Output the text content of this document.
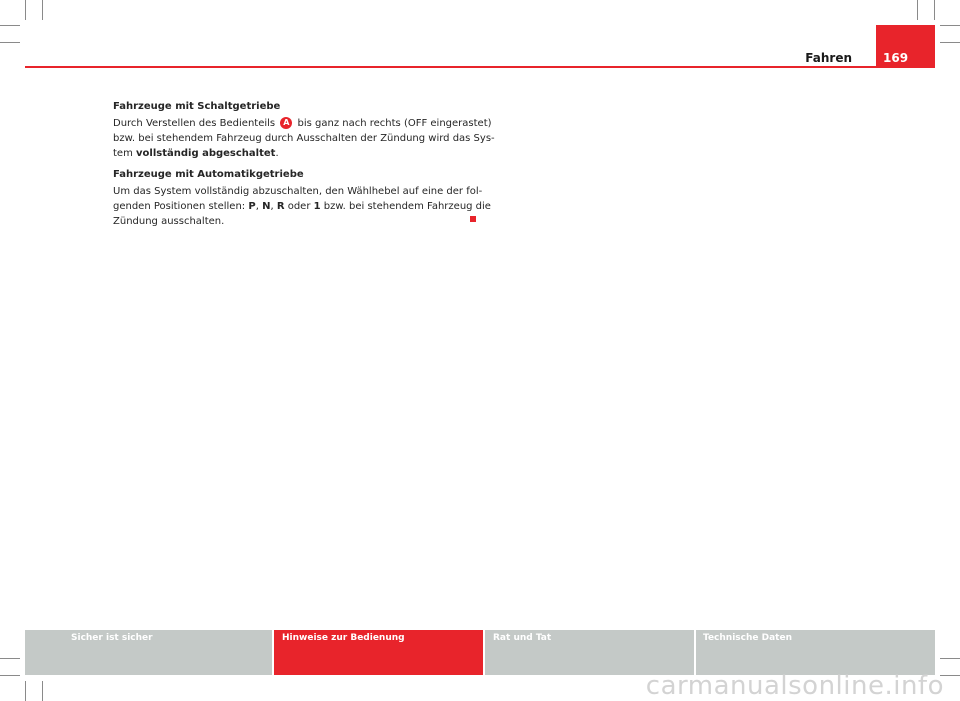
169
Fahren

Fahrzeuge mit Schaltgetriebe

Durch Verstellen des Bedienteils A bis ganz nach rechts (OFF eingerastet)

bzw. bei stehendem Fahrzeug durch Ausschalten der Zündung wird das Sys-

tem vollständig abgeschaltet.

Fahrzeuge mit Automatikgetriebe

Um das System vollständig abzuschalten, den Wählhebel auf eine der fol-

genden Positionen stellen: P, N, R oder 1 bzw. bei stehendem Fahrzeug die

Zündung ausschalten.

Sicher ist sicher	Hinweise zur Bedienung	Rat und Tat	Technische Daten
carmanualsonline.info
